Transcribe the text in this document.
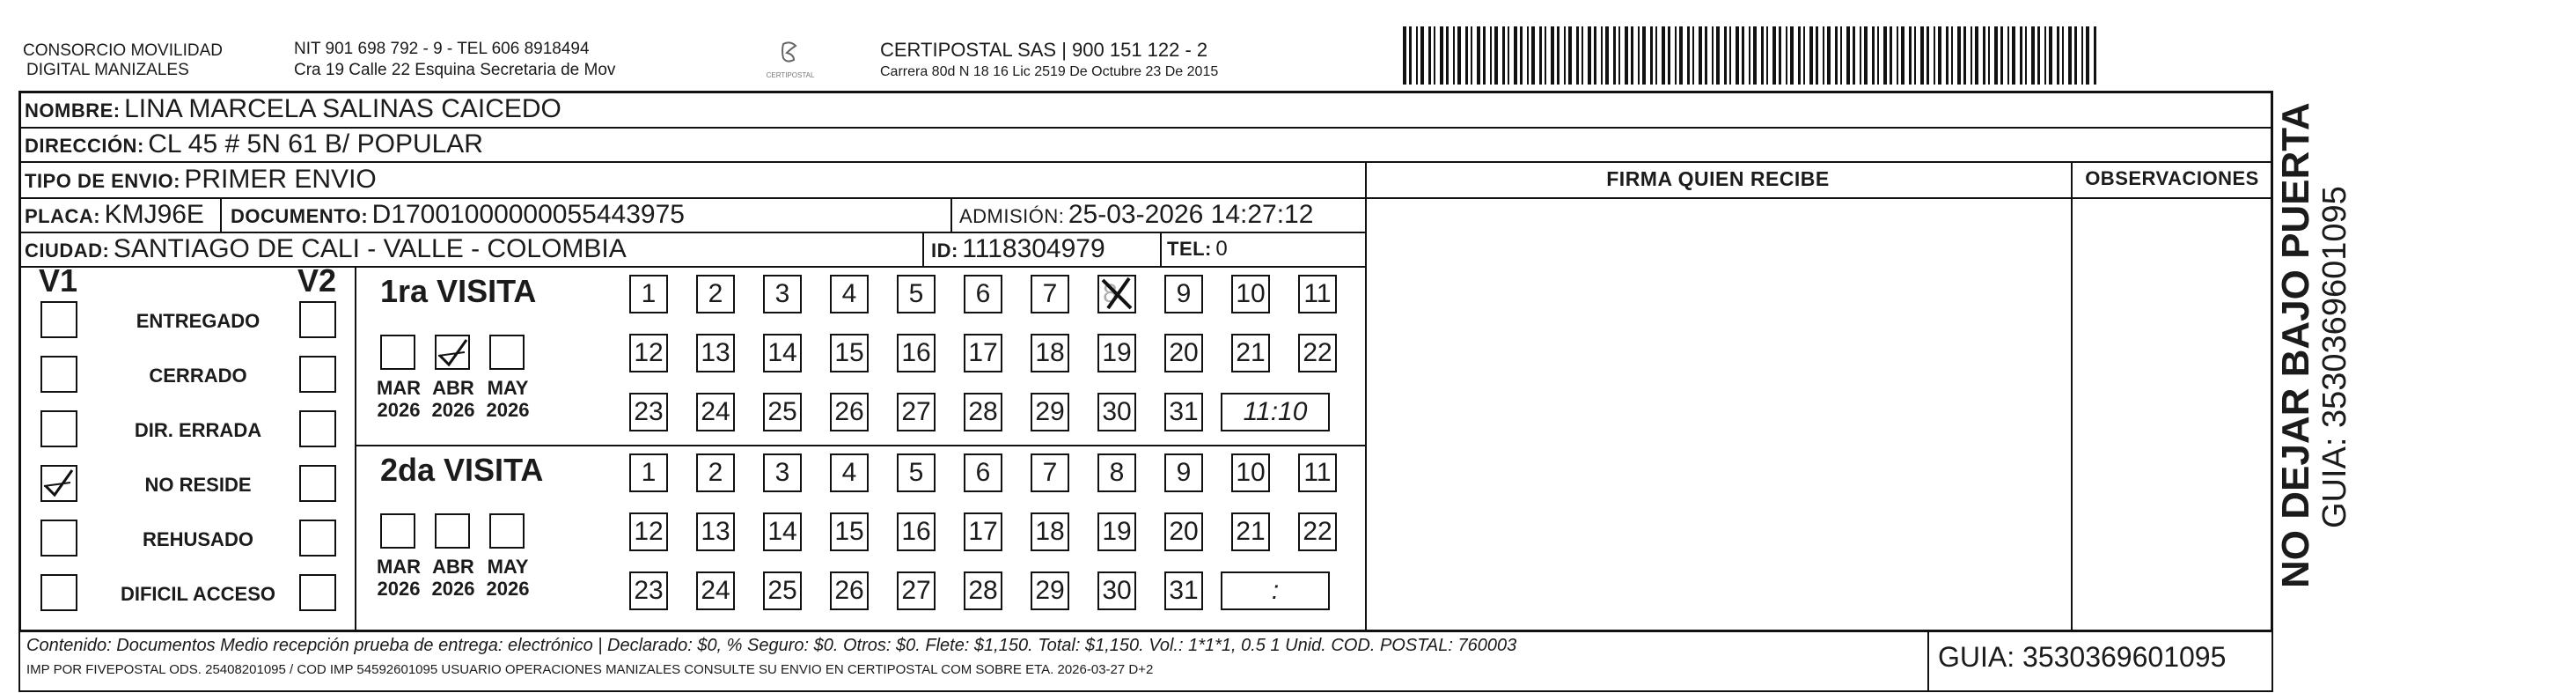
CONSORCIO MOVILIDAD
DIGITAL MANIZALES
NIT 901 698 792 - 9 - TEL 606 8918494
Cra 19 Calle 22 Esquina Secretaria de Mov	CERTIPOSTAL
CERTIPOSTAL SAS | 900 151 122 - 2
Carrera 80d N 18 16 Lic 2519 De Octubre 23 De 2015
NOMBRE: LINA MARCELA SALINAS CAICEDO
DIRECCIÓN: CL 45 # 5N 61 B/ POPULAR
TIPO DE ENVIO: PRIMER ENVIO
PLACA: KMJ96E DOCUMENTO: D17001000000055443975	ADMISIÓN: 25-03-2026 14:27:12
CIUDAD: SANTIAGO DE CALI - VALLE - COLOMBIA	ID: 1118304979	TEL: 0
FIRMA QUIEN RECIBE	OBSERVACIONES
V1	V2
ENTREGADO
CERRADO
DIR. ERRADA
NO RESIDE
REHUSADO
DIFICIL ACCESO
1ra VISITA
MAR
2026
ABR
2026
MAY
2026
1	2	3	4	5	6	7	8	9	10 11
12 13 14 15 16 17 18 19 20 21 22
23 24 25 26 27 28 29 30 31	11:10
2da VISITA
MAR
2026
ABR
2026
MAY
2026
1	2	3	4	5	6	7	8	9	10 11
12 13 14 15 16 17 18 19 20 21 22
23 24 25 26 27 28 29 30 31	:
Contenido: Documentos Medio recepción prueba de entrega: electrónico | Declarado: $0, % Seguro: $0. Otros: $0. Flete: $1,150. Total: $1,150. Vol.: 1*1*1, 0.5 1 Unid. COD. POSTAL: 760003
IMP POR FIVEPOSTAL ODS. 25408201095 / COD IMP 54592601095 USUARIO OPERACIONES MANIZALES CONSULTE SU ENVIO EN CERTIPOSTAL COM SOBRE ETA. 2026-03-27 D+2	GUIA: 3530369601095
NO DEJAR BAJO PUERTA GUIA: 3530369601095
